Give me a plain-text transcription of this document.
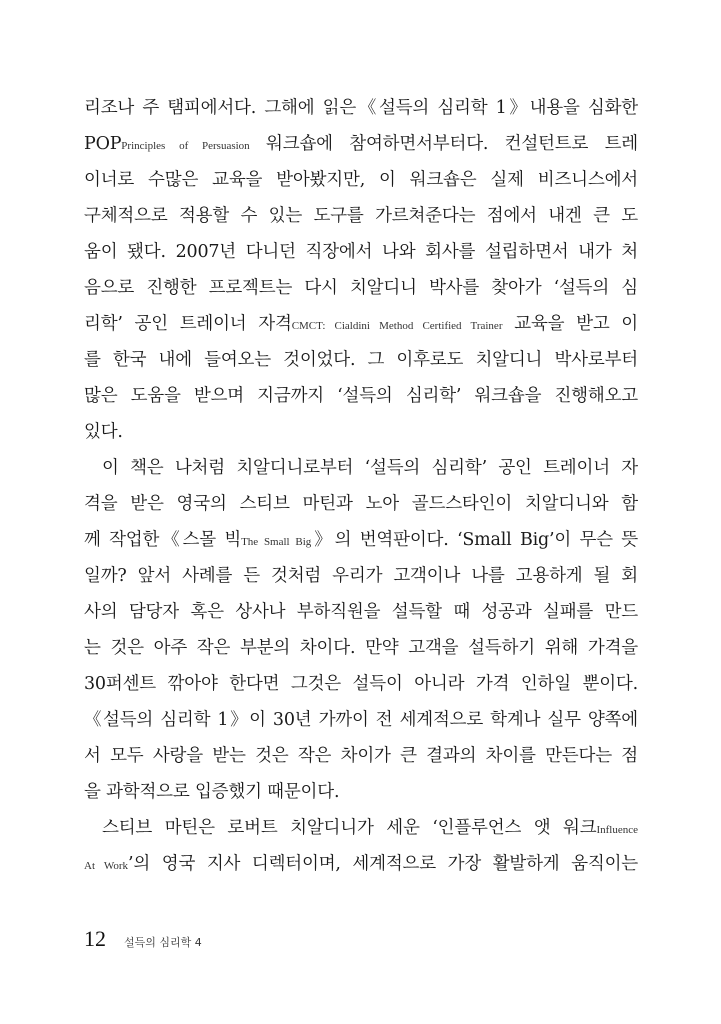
리조나 주 탬피에서다. 그해에 읽은《설득의 심리학 1》내용을 심화한
POPPrinciples of Persuasion 워크숍에 참여하면서부터다. 컨설턴트로 트레
이너로 수많은 교육을 받아봤지만, 이 워크숍은 실제 비즈니스에서
구체적으로 적용할 수 있는 도구를 가르쳐준다는 점에서 내겐 큰 도
움이 됐다. 2007년 다니던 직장에서 나와 회사를 설립하면서 내가 처
음으로 진행한 프로젝트는 다시 치알디니 박사를 찾아가 ‘설득의 심
리학’ 공인 트레이너 자격CMCT: Cialdini Method Certified Trainer 교육을 받고 이
를 한국 내에 들여오는 것이었다. 그 이후로도 치알디니 박사로부터
많은 도움을 받으며 지금까지 ‘설득의 심리학’ 워크숍을 진행해오고
있다.
이 책은 나처럼 치알디니로부터 ‘설득의 심리학’ 공인 트레이너 자
격을 받은 영국의 스티브 마틴과 노아 골드스타인이 치알디니와 함
께 작업한《스몰 빅The Small Big》의 번역판이다. ‘Small Big’이 무슨 뜻
일까? 앞서 사례를 든 것처럼 우리가 고객이나 나를 고용하게 될 회
사의 담당자 혹은 상사나 부하직원을 설득할 때 성공과 실패를 만드
는 것은 아주 작은 부분의 차이다. 만약 고객을 설득하기 위해 가격을
30퍼센트 깎아야 한다면 그것은 설득이 아니라 가격 인하일 뿐이다.
《설득의 심리학 1》이 30년 가까이 전 세계적으로 학계나 실무 양쪽에
서 모두 사랑을 받는 것은 작은 차이가 큰 결과의 차이를 만든다는 점
을 과학적으로 입증했기 때문이다.
스티브 마틴은 로버트 치알디니가 세운 ‘인플루언스 앳 워크Influence
At Work’의 영국 지사 디렉터이며, 세계적으로 가장 활발하게 움직이는
12 설득의 심리학 4
